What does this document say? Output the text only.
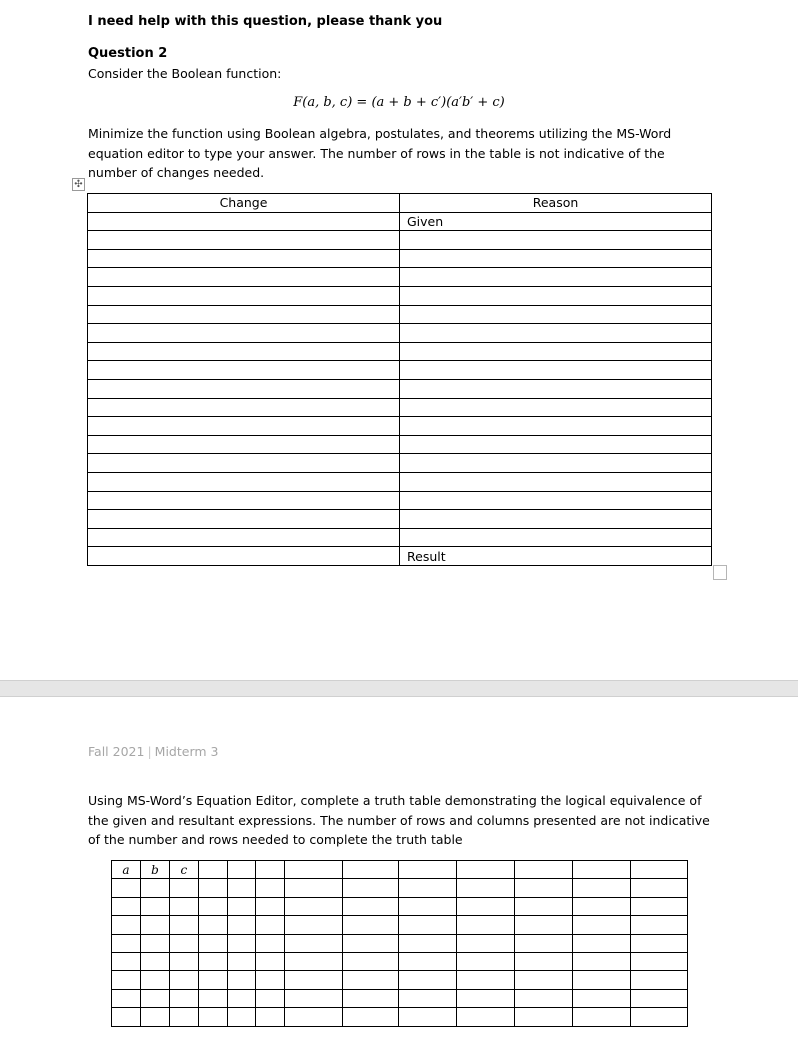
I need help with this question, please thank you
Question 2
Consider the Boolean function:
F(a, b, c) = (a + b + c′)(a′b′ + c)
Minimize the function using Boolean algebra, postulates, and theorems utilizing the MS-Word equation editor to type your answer. The number of rows in the table is not indicative of the number of changes needed.
✣
Change	Reason
	Given

	Result
Fall 2021 | Midterm 3
Using MS-Word’s Equation Editor, complete a truth table demonstrating the logical equivalence of the given and resultant expressions. The number of rows and columns presented are not indicative of the number and rows needed to complete the truth table
a	b	c										
